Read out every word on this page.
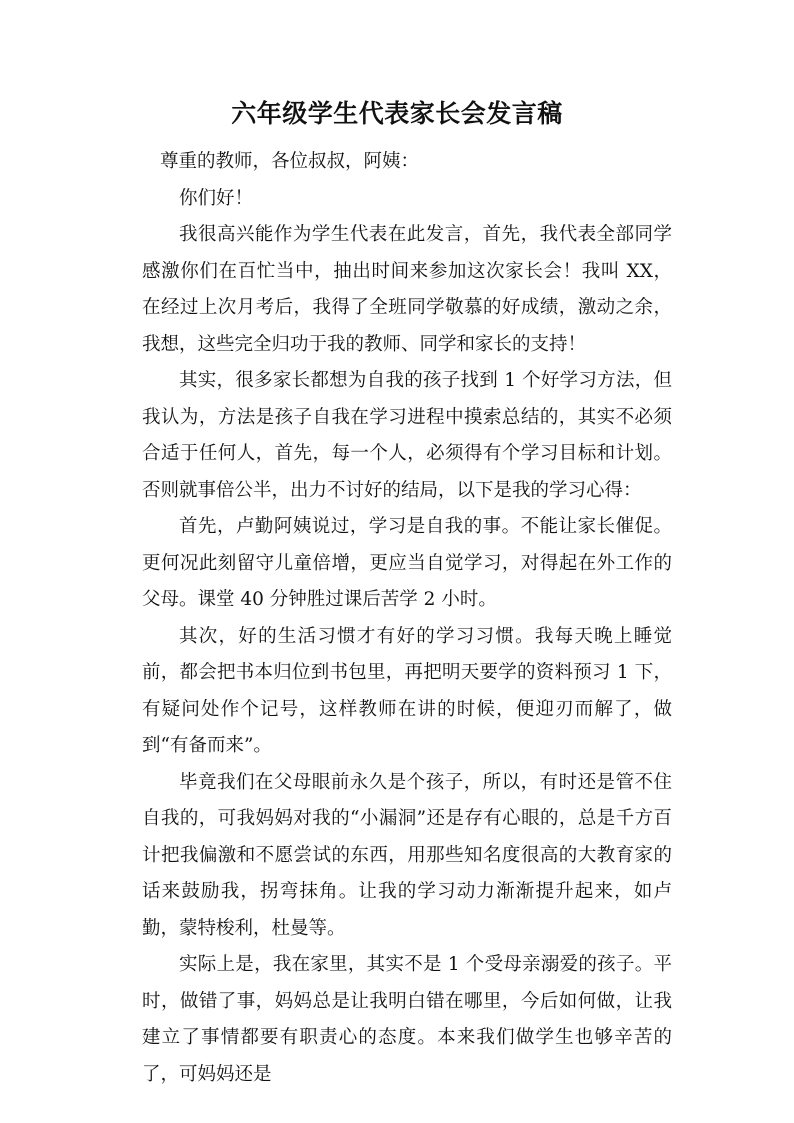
六年级学生代表家长会发言稿

尊重的教师，各位叔叔，阿姨：

你们好！

我很高兴能作为学生代表在此发言，首先，我代表全部同学感激你们在百忙当中，抽出时间来参加这次家长会！我叫 XX，在经过上次月考后，我得了全班同学敬慕的好成绩，激动之余，我想，这些完全归功于我的教师、同学和家长的支持！

其实，很多家长都想为自我的孩子找到 1 个好学习方法，但我认为，方法是孩子自我在学习进程中摸索总结的，其实不必须合适于任何人，首先，每一个人，必须得有个学习目标和计划。否则就事倍公半，出力不讨好的结局，以下是我的学习心得：

首先，卢勤阿姨说过，学习是自我的事。不能让家长催促。更何况此刻留守儿童倍增，更应当自觉学习，对得起在外工作的父母。课堂 40 分钟胜过课后苦学 2 小时。

其次，好的生活习惯才有好的学习习惯。我每天晚上睡觉前，都会把书本归位到书包里，再把明天要学的资料预习 1 下，有疑问处作个记号，这样教师在讲的时候，便迎刃而解了，做到“有备而来”。

毕竟我们在父母眼前永久是个孩子，所以，有时还是管不住自我的，可我妈妈对我的“小漏洞”还是存有心眼的，总是千方百计把我偏激和不愿尝试的东西，用那些知名度很高的大教育家的话来鼓励我，拐弯抹角。让我的学习动力渐渐提升起来，如卢勤，蒙特梭利，杜曼等。

实际上是，我在家里，其实不是 1 个受母亲溺爱的孩子。平时，做错了事，妈妈总是让我明白错在哪里，今后如何做，让我建立了事情都要有职责心的态度。本来我们做学生也够辛苦的了，可妈妈还是
